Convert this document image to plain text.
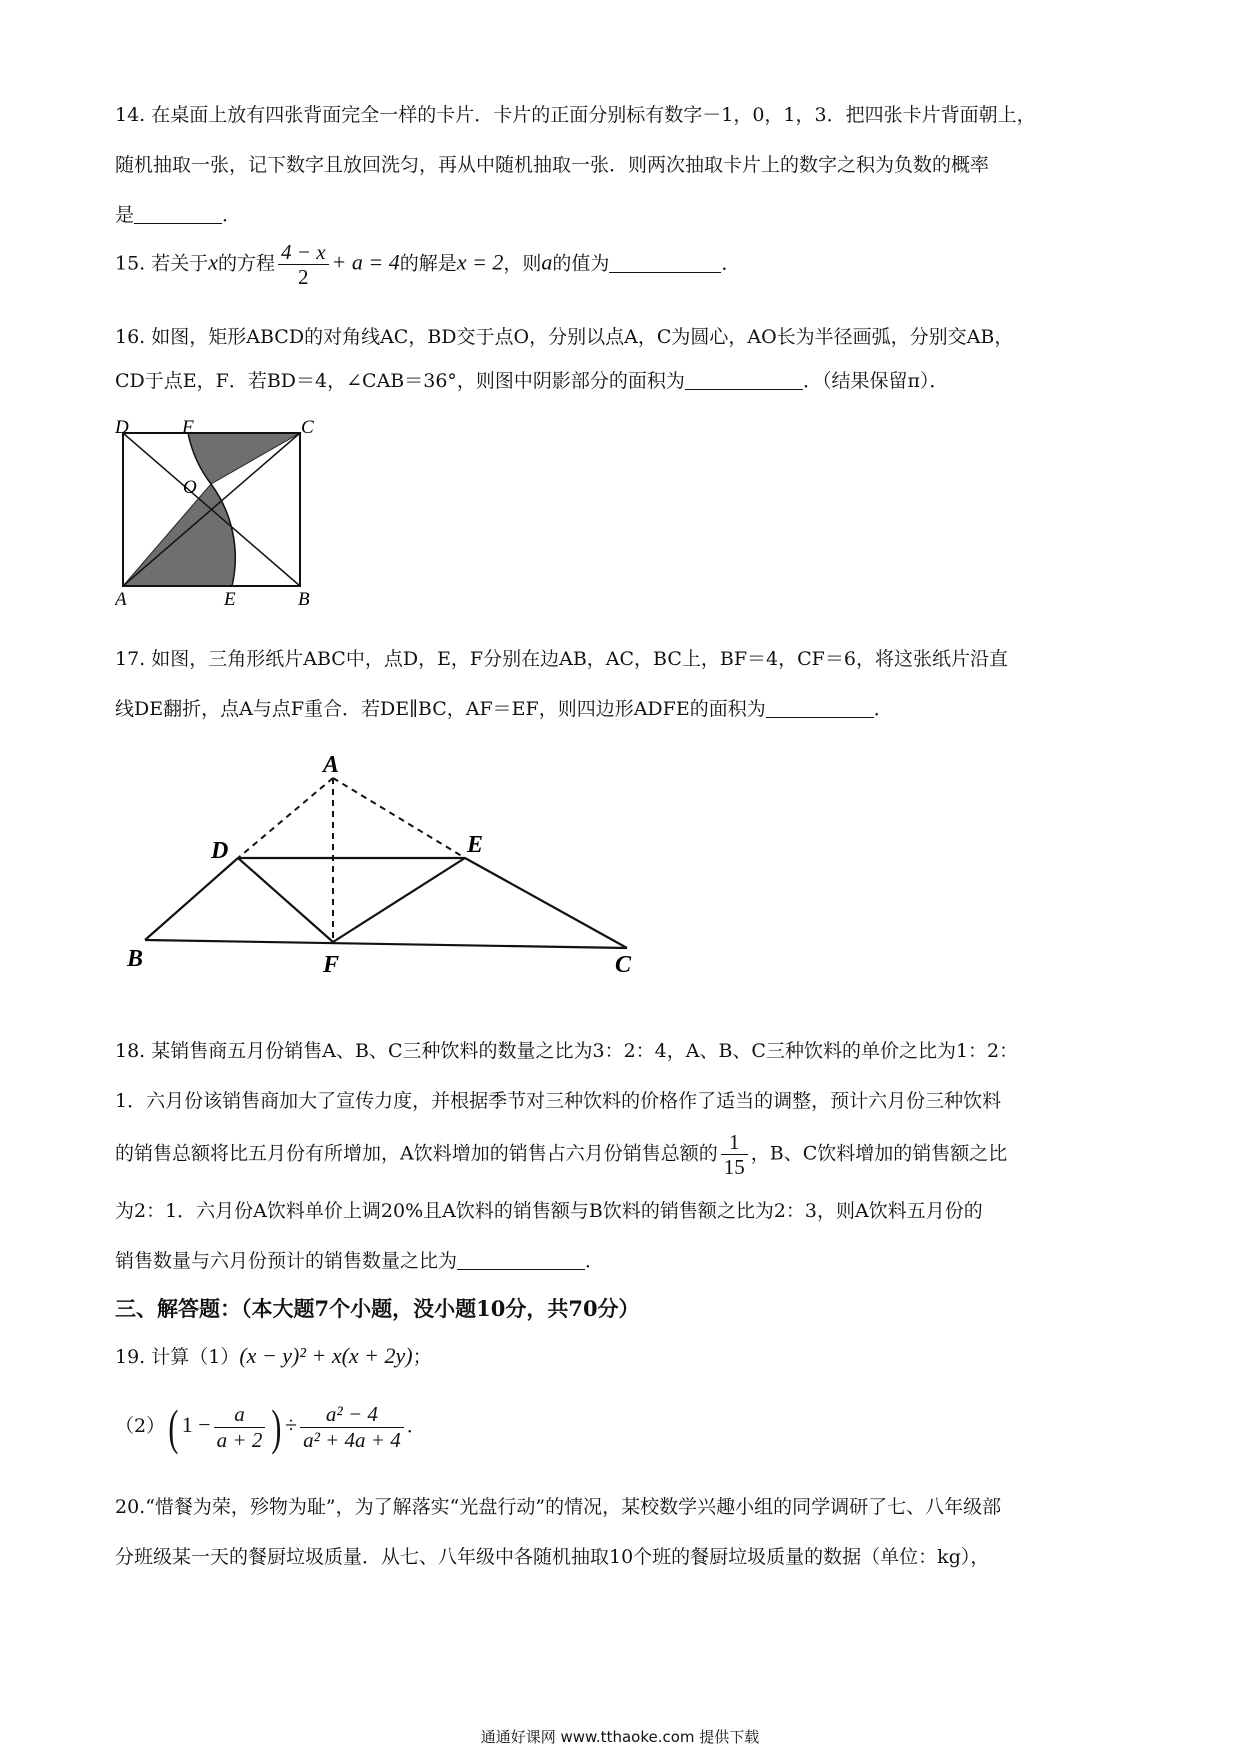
14. 在桌面上放有四张背面完全一样的卡片．卡片的正面分别标有数字－1，0，1，3．把四张卡片背面朝上，
随机抽取一张，记下数字且放回洗匀，再从中随机抽取一张．则两次抽取卡片上的数字之积为负数的概率
是	．
15. 若关于x的方程 $\frac{4 - x}{2} + a = 4$的解是x = 2，则a的值为	．
16. 如图，矩形ABCD的对角线AC，BD交于点O，分别以点A，C为圆心，AO长为半径画弧，分别交AB，
CD于点E，F．若BD＝4，∠CAB＝36°，则图中阴影部分的面积为	．（结果保留π）．
D	F	C
O
A	E	B
17. 如图，三角形纸片ABC中，点D，E，F分别在边AB，AC，BC上，BF＝4，CF＝6，将这张纸片沿直
线DE翻折，点A与点F重合．若DE∥BC，AF＝EF，则四边形ADFE的面积为	．
A
D	E
B	F	C
18. 某销售商五月份销售A、B、C三种饮料的数量之比为3：2：4，A、B、C三种饮料的单价之比为1：2：
1．六月份该销售商加大了宣传力度，并根据季节对三种饮料的价格作了适当的调整，预计六月份三种饮料
的销售总额将比五月份有所增加，A饮料增加的销售占六月份销售总额的 $\frac{1}{15}$ ，B、C饮料增加的销售额之比
为2：1．六月份A饮料单价上调20%且A饮料的销售额与B饮料的销售额之比为2：3，则A饮料五月份的
销售数量与六月份预计的销售数量之比为	．
三、解答题：（本大题7个小题，没小题10分，共70分）
19. 计算（1）(x − y)² + x(x + 2y)；
（2）( $1 - \frac{a}{a + 2}$ ) ÷ $\frac{\text{a² − 4}}{\text{a² + 4a + 4}}$ ．
20.“惜餐为荣，殄物为耻”，为了解落实“光盘行动”的情况，某校数学兴趣小组的同学调研了七、八年级部
分班级某一天的餐厨垃圾质量．从七、八年级中各随机抽取10个班的餐厨垃圾质量的数据（单位：kg），
通通好课网 www.tthaoke.com 提供下载
